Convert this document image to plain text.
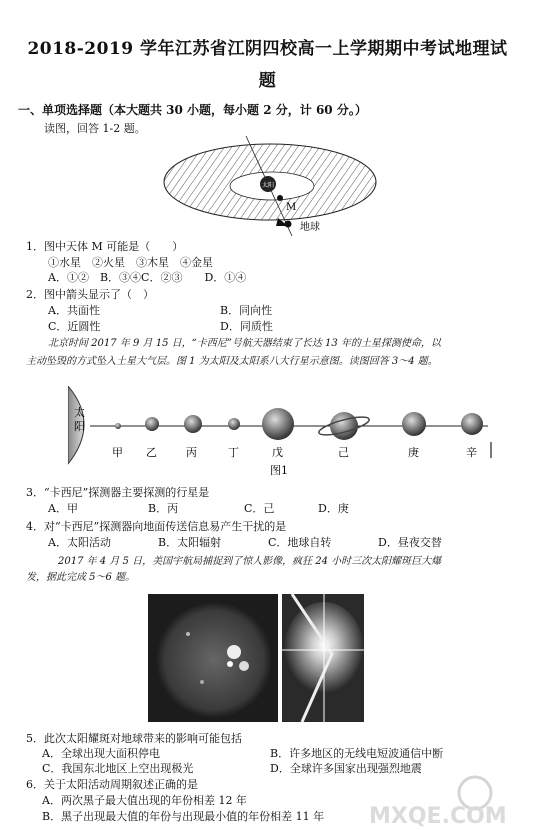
2018-2019 学年江苏省江阴四校高一上学期期中考试地理试
题
一、单项选择题（本大题共 30 小题，每小题 2 分，计 60 分。）
读图，回答 1-2 题。
太阳
M
地球
1．图中天体 M 可能是（　　）
①水星　②火星　③木星　④金星
A．①②　B．③④C．②③　　D．①④
2．图中箭头显示了（　）
A．共面性	B．同向性
C．近圆性	D．同质性
北京时间 2017 年 9 月 15 日，“卡西尼”号航天器结束了长达 13 年的土星探测使命，以
主动坠毁的方式坠入土星大气层。图 1 为太阳及太阳系八大行星示意图。读图回答 3～4 题。
太阳
甲 乙	丙	丁	戊	己	庚	辛
图1
3．“卡西尼”探测器主要探测的行星是
A．甲	B．丙	C．己	D．庚
4．对“卡西尼”探测器向地面传送信息易产生干扰的是
A．太阳活动	B．太阳辐射	C．地球自转	D．昼夜交替
2017 年 4 月 5 日，美国宇航局捕捉到了惊人影像，疯狂 24 小时三次太阳耀斑巨大爆
发，据此完成 5～6 题。
5．此次太阳耀斑对地球带来的影响可能包括
A．全球出现大面积停电	B．许多地区的无线电短波通信中断
C．我国东北地区上空出现极光	D．全球许多国家出现强烈地震
6．关于太阳活动周期叙述正确的是
A．两次黑子最大值出现的年份相差 12 年
B．黑子出现最大值的年份与出现最小值的年份相差 11 年 MXQE.COM
